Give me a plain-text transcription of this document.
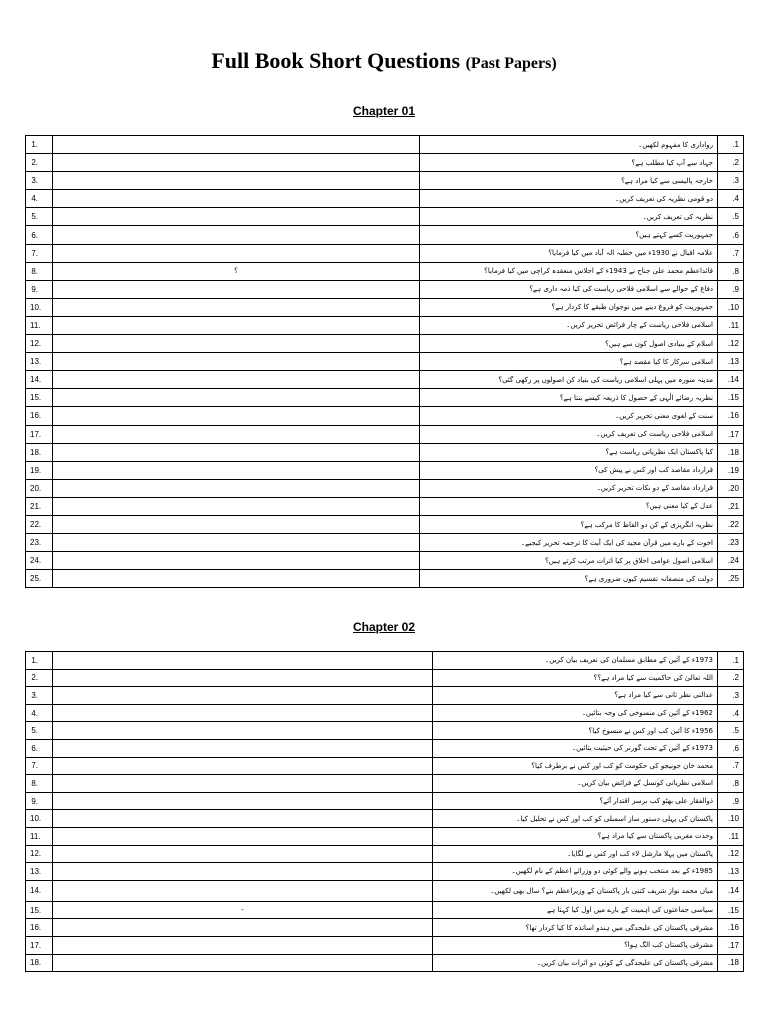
Full Book Short Questions (Past Papers)
Chapter 01
1.		رواداری کا مفہوم لکھیں۔	.1
2.		جہاد سے آپ کیا مطلب ہے؟	.2
3.		خارجہ پالیسی سے کیا مراد ہے؟	.3
4.		دو قومی نظریہ کی تعریف کریں۔	.4
5.		نظریہ کی تعریف کریں۔	.5
6.		جمہوریت کسے کہتے ہیں؟	.6
7.		علامہ اقبال نے 1930ء میں خطبہ الہ آباد میں کیا فرمایا؟	.7
8.	؟	قائداعظم محمد علی جناح نے 1943ء کے اجلاس منعقدہ کراچی میں کیا فرمایا؟	.8
9.		دفاع کے حوالے سے اسلامی فلاحی ریاست کی کیا ذمہ داری ہے؟	.9
10.		جمہوریت کو فروغ دینے میں نوجوان طبقے کا کردار ہے؟	.10
11.		اسلامی فلاحی ریاست کے چار فرائض تحریر کریں۔	.11
12.		اسلام کے بنیادی اصول کون سے ہیں؟	.12
13.		اسلامی سرکار کا کیا مقصد ہے؟	.13
14.		مدینہ منورہ میں پہلی اسلامی ریاست کی بنیاد کن اصولوں پر رکھی گئی؟	.14
15.		نظریہ رضائے الٰہی کے حصول کا ذریعہ کیسے بنتا ہے؟	.15
16.		سنت کے لغوی معنی تحریر کریں۔	.16
17.		اسلامی فلاحی ریاست کی تعریف کریں۔	.17
18.		کیا پاکستان ایک نظریاتی ریاست ہے؟	.18
19.		قرارداد مقاصد کب اور کس نے پیش کی؟	.19
20.		قرارداد مقاصد کے دو نکات تحریر کریں۔	.20
21.		عدل کے کیا معنی ہیں؟	.21
22.		نظریہ انگریزی کے کن دو الفاظ کا مرکب ہے؟	.22
23.		اخوت کے بارے میں قرآن مجید کی ایک آیت کا ترجمہ تحریر کیجیے۔	.23
24.		اسلامی اصول عوامی اخلاق پر کیا اثرات مرتب کرتے ہیں؟	.24
25.		دولت کی منصفانہ تقسیم کیوں ضروری ہے؟	.25
Chapter 02
1.		1973ء کے آئین کے مطابق مسلمان کی تعریف بیان کریں۔	.1
2.		اللہ تعالیٰ کی حاکمیت سے کیا مراد ہے؟؟	.2
3.		عدالتی نظر ثانی سے کیا مراد ہے؟	.3
4.		1962ء کے آئین کی منسوخی کی وجہ بتائیں۔	.4
5.		1956ء کا آئین کب اور کس نے منسوخ کیا؟	.5
6.		1973ء کے آئین کے تحت گورنر کی حیثیت بتائیں۔	.6
7.		محمد خان جونیجو کی حکومت کو کب اور کس نے برطرف کیا؟	.7
8.		اسلامی نظریاتی کونسل کے فرائض بیان کریں۔	.8
9.		ذوالفقار علی بھٹو کب برسر اقتدار آئے؟	.9
10.		پاکستان کی پہلی دستور ساز اسمبلی کو کب اور کس نے تحلیل کیا۔	.10
11.		وحدت مغربی پاکستان سے کیا مراد ہے؟	.11
12.		پاکستان میں پہلا مارشل لاء کب اور کس نے لگایا۔	.12
13.		1985ء کے بعد منتخب ہونے والے کوئی دو وزرائے اعظم کے نام لکھیں۔	.13
14.		میاں محمد نواز شریف کتنی بار پاکستان کے وزیراعظم بنے؟ سال بھی لکھیں۔	.14
15.	-	سیاسی جماعتوں کی اہمیت کے بارے میں اول کیا کہتا ہے	.15
16.		مشرقی پاکستان کی علیحدگی میں ہندو اساتذہ کا کیا کردار تھا؟	.16
17.		مشرقی پاکستان کب الگ ہوا؟	.17
18.		مشرقی پاکستان کی علیحدگی کے کوئی دو اثرات بیان کریں۔	.18
